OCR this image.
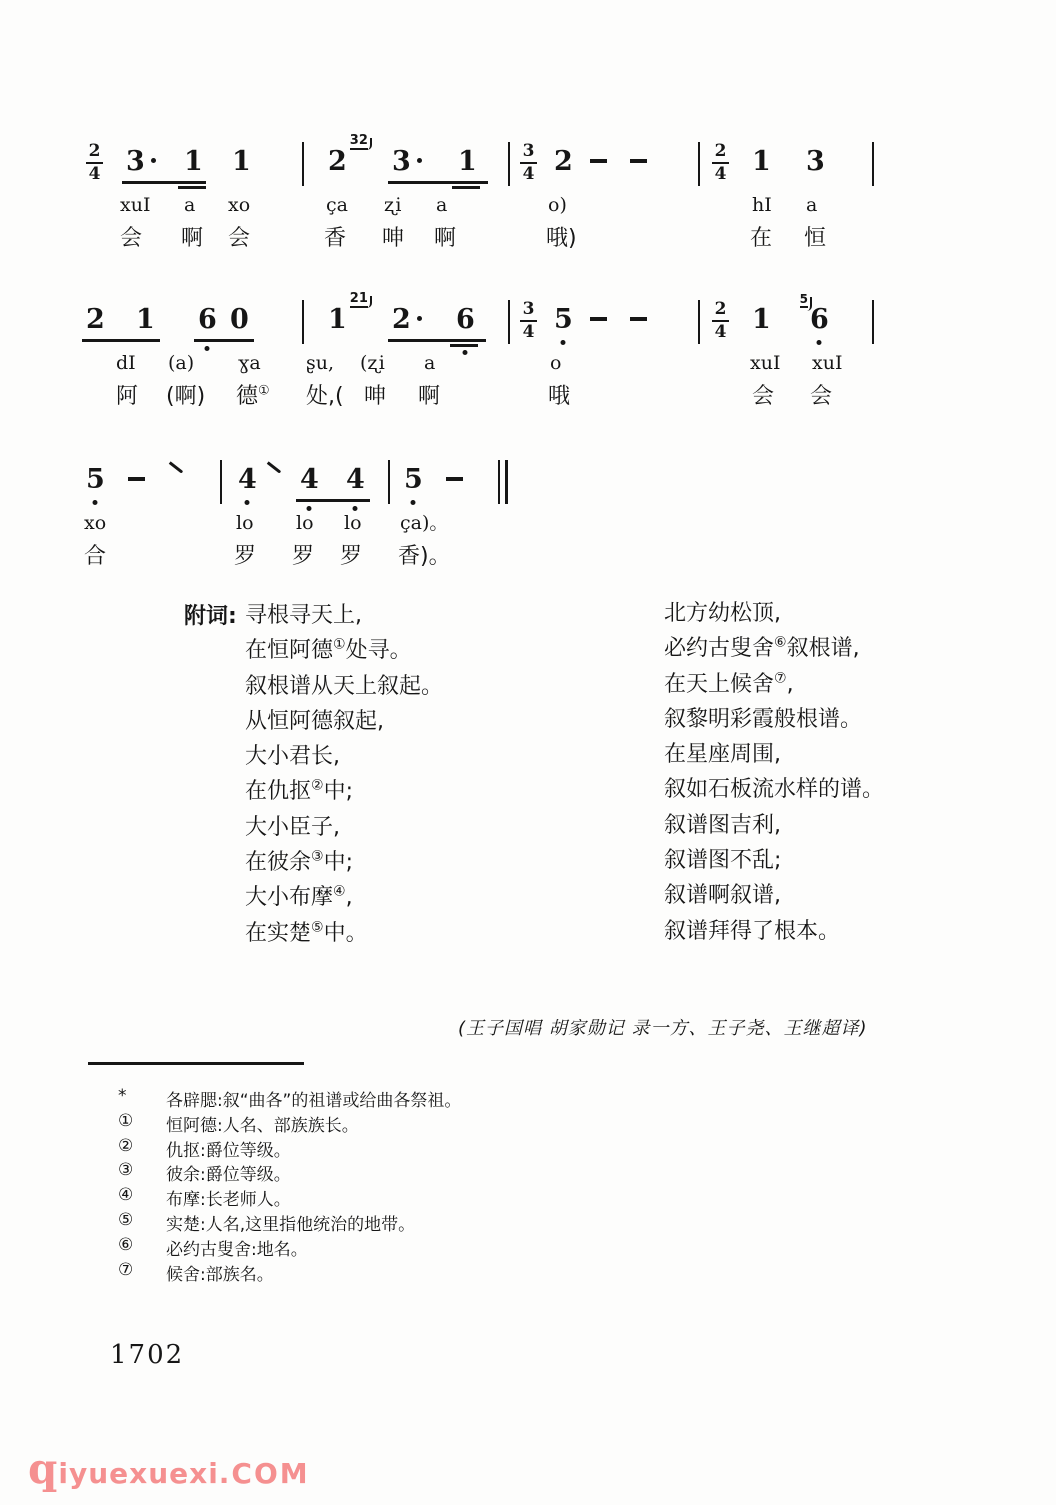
2
4 3 1 1	2
32
3 1	3
4 2	2
4 1 3
xuI a xo	ça ʐi a	o)	hI a
会 啊 会	香 呻 啊	哦)	在 恒
2 1 6 0	1
21
2 6	3
4 5	2
4 1 6
5
dI (a) ɣa ʂu, (ʐi a	o	xuI xuI
阿 (啊) 德① 处,( 呻 啊	哦	会 会
5	4 4 4 5
xo	lo lo lo ça)。
合	罗 罗 罗 香)。
附词: 寻根寻天上,
在恒阿德①处寻。
叙根谱从天上叙起。
从恒阿德叙起,
大小君长,
在仇抠②中;
大小臣子,
在彼余③中;
大小布摩④,
在实楚⑤中。
北方幼松顶,
必约古叟舍⑥叙根谱,
在天上候舍⑦,
叙黎明彩霞般根谱。
在星座周围,
叙如石板流水样的谱。
叙谱图吉利,
叙谱图不乱;
叙谱啊叙谱,
叙谱拜得了根本。
(王子国唱 胡家勋记 录一方、王子尧、王继超译)
*	各辟腮:叙“曲各”的祖谱或给曲各祭祖。
①	恒阿德:人名、部族族长。
②	仇抠:爵位等级。
③	彼余:爵位等级。
④	布摩:长老师人。
⑤	实楚:人名,这里指他统治的地带。
⑥	必约古叟舍:地名。
⑦	候舍:部族名。
1702
q iyuexuexi .COM
